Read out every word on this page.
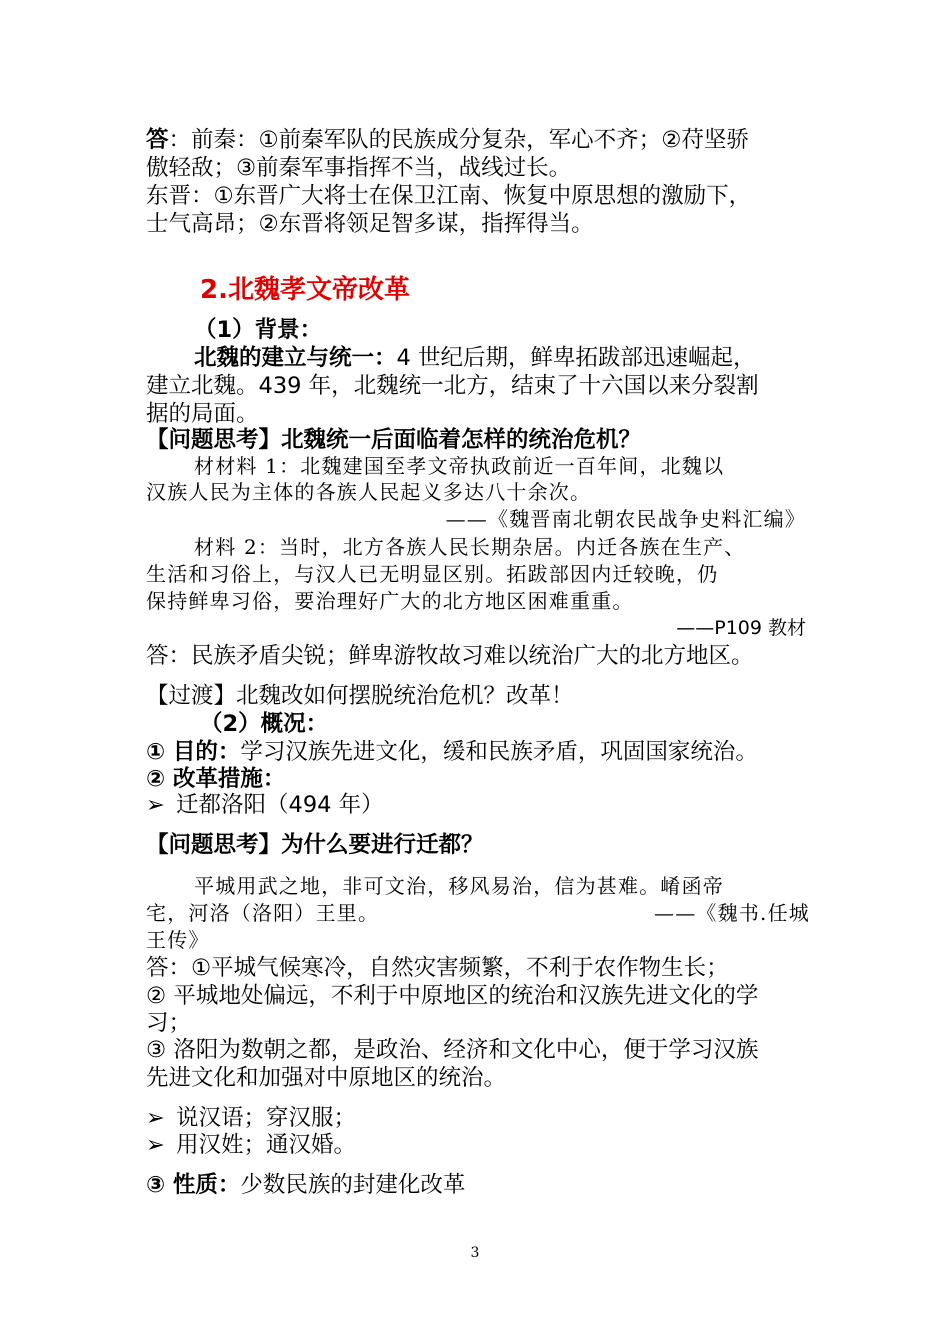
答：前秦：①前秦军队的民族成分复杂，军心不齐；②苻坚骄
傲轻敌；③前秦军事指挥不当，战线过长。
东晋：①东晋广大将士在保卫江南、恢复中原思想的激励下，
士气高昂；②东晋将领足智多谋，指挥得当。
2.北魏孝文帝改革
（1）背景：
北魏的建立与统一：4 世纪后期，鲜卑拓跋部迅速崛起，
建立北魏。439 年，北魏统一北方，结束了十六国以来分裂割
据的局面。
【问题思考】北魏统一后面临着怎样的统治危机？
材材料 1：北魏建国至孝文帝执政前近一百年间，北魏以
汉族人民为主体的各族人民起义多达八十余次。
——《魏晋南北朝农民战争史料汇编》
材料 2：当时，北方各族人民长期杂居。内迁各族在生产、
生活和习俗上，与汉人已无明显区别。拓跋部因内迁较晚，仍
保持鲜卑习俗，要治理好广大的北方地区困难重重。
——P109 教材
答：民族矛盾尖锐；鲜卑游牧故习难以统治广大的北方地区。
【过渡】北魏改如何摆脱统治危机？改革！
（2）概况：
① 目的：学习汉族先进文化，缓和民族矛盾，巩固国家统治。
② 改革措施：
➢ 迁都洛阳（494 年）
【问题思考】为什么要进行迁都？
平城用武之地，非可文治，移风易治，信为甚难。崤函帝
宅，河洛（洛阳）王里。	——《魏书.任城
王传》
答：①平城气候寒冷，自然灾害频繁，不利于农作物生长；
② 平城地处偏远，不利于中原地区的统治和汉族先进文化的学
习；
③ 洛阳为数朝之都，是政治、经济和文化中心，便于学习汉族
先进文化和加强对中原地区的统治。
➢ 说汉语；穿汉服；
➢ 用汉姓；通汉婚。
③ 性质：少数民族的封建化改革
3
